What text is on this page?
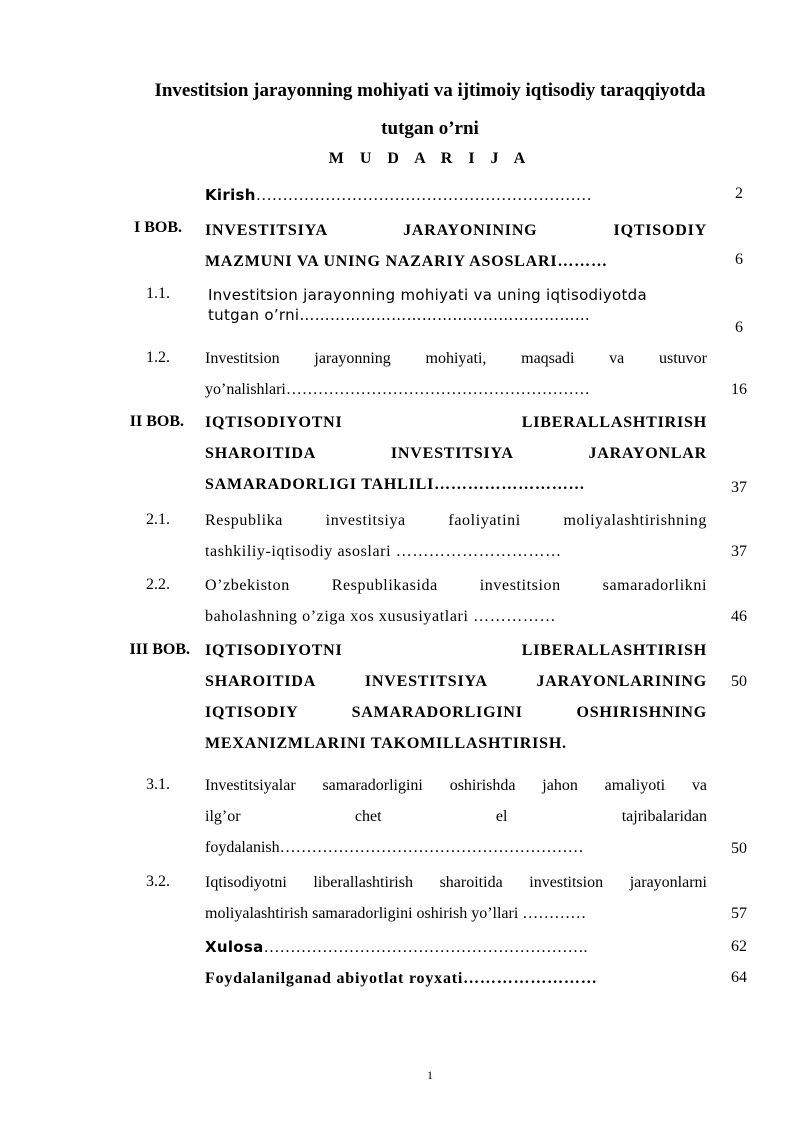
Investitsion jarayonning mohiyati va ijtimoiy iqtisodiy taraqqiyotda
tutgan o’rni
M U D A R I J A
Kirish………………………………………………………	2
I BOB. INVESTITSIYA JARAYONINING IQTISODIY
MAZMUNI VA UNING NAZARIY ASOSLARI………	6
1.1.	Investitsion jarayonning mohiyati va uning iqtisodiyotda
tutgan o’rni…………………………………………………
6
1.2. Investitsion jarayonning mohiyati, maqsadi va ustuvor
yo’nalishlari…………………………………………………	16
II BOB. IQTISODIYOTNI LIBERALLASHTIRISH
SHAROITIDA INVESTITSIYA JARAYONLAR
SAMARADORLIGI TAHLILI………………………	37
2.1. Respublika investitsiya faoliyatini moliyalashtirishning
tashkiliy-iqtisodiy asoslari …………………………	37
2.2. O’zbekiston Respublikasida investitsion samaradorlikni
baholashning o’ziga xos xususiyatlari ……………	46
III BOB. IQTISODIYOTNI LIBERALLASHTIRISH
SHAROITIDA INVESTITSIYA JARAYONLARINING
IQTISODIY SAMARADORLIGINI OSHIRISHNING
MEXANIZMLARINI TAKOMILLASHTIRISH.
50
3.1. Investitsiyalar samaradorligini oshirishda jahon amaliyoti va
ilg’or chet el tajribalaridan
foydalanish…………………………………………………	50
3.2. Iqtisodiyotni liberallashtirish sharoitida investitsion jarayonlarni
moliyalashtirish samaradorligini oshirish yo’llari …………	57
Xulosa…………………………………………………….	62
Foydalanilganad abiyotlat royxati……………………	64
1
